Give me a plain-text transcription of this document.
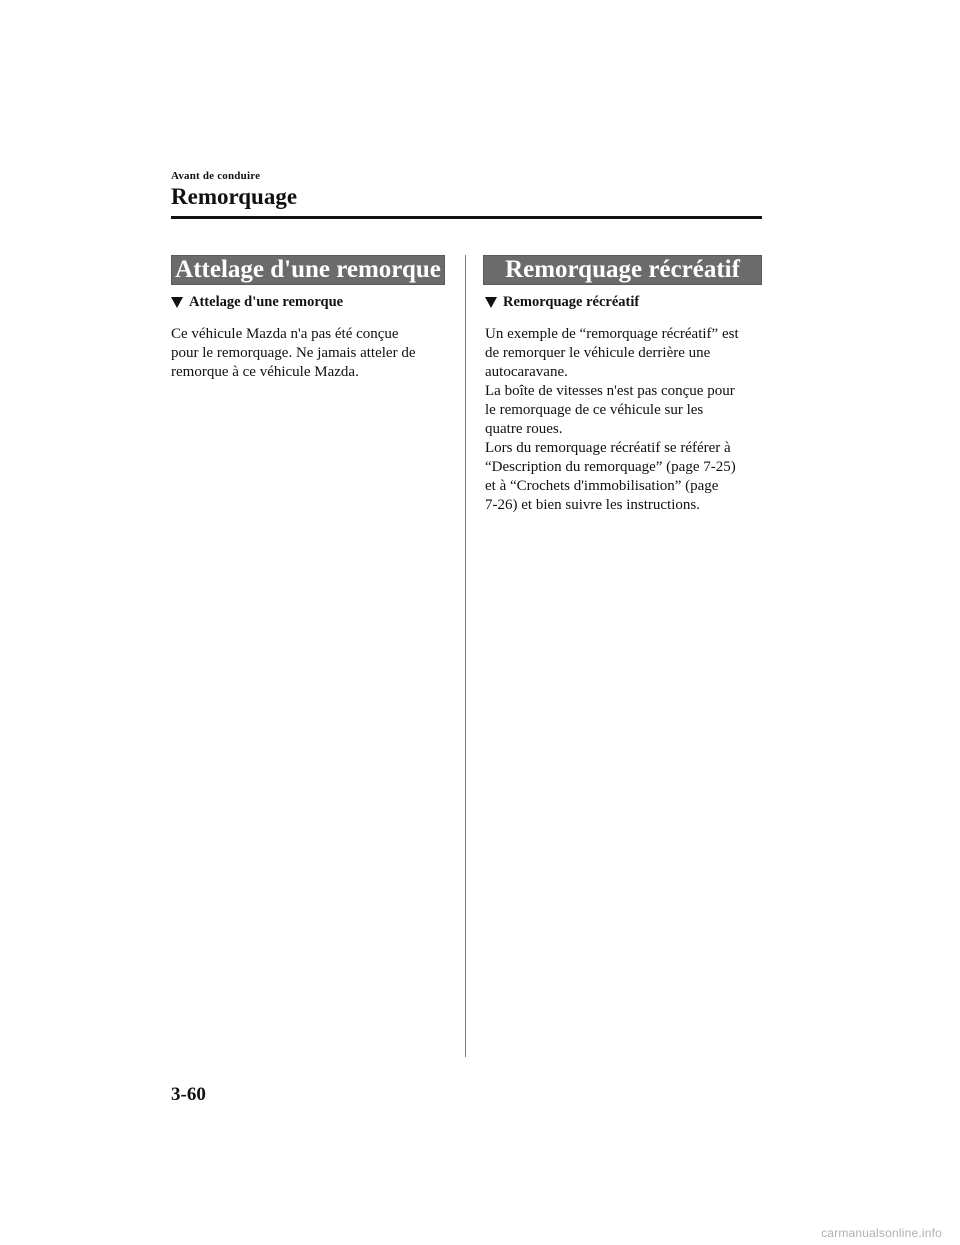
Avant de conduire
Remorquage
Attelage d'une remorque
Attelage d'une remorque

Ce véhicule Mazda n'a pas été conçue
pour le remorquage. Ne jamais atteler de
remorque à ce véhicule Mazda.

Remorquage récréatif
Remorquage récréatif

Un exemple de “remorquage récréatif” est
de remorquer le véhicule derrière une
autocaravane.
La boîte de vitesses n'est pas conçue pour
le remorquage de ce véhicule sur les
quatre roues.
Lors du remorquage récréatif se référer à
“Description du remorquage” (page 7-25)
et à “Crochets d'immobilisation” (page
7-26) et bien suivre les instructions.

3-60
carmanualsonline.info
